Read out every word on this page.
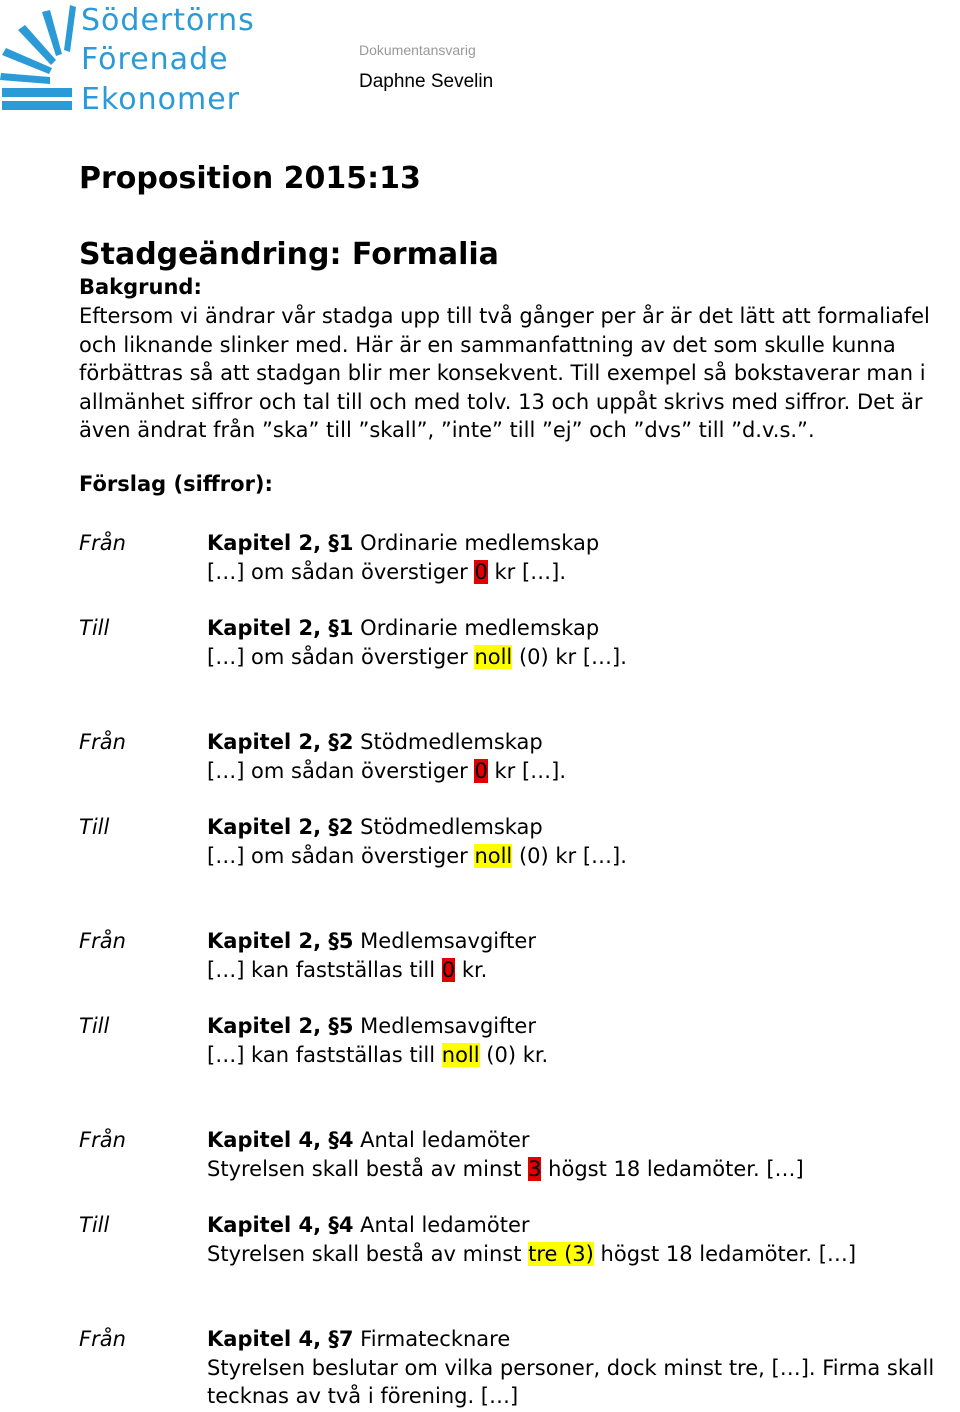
Södertörns
Förenade
Ekonomer
Dokumentansvarig
Daphne Sevelin
Proposition 2015:13
Stadgeändring: Formalia
Bakgrund:

Eftersom vi ändrar vår stadga upp till två gånger per år är det lätt att formaliafel och liknande slinker med. Här är en sammanfattning av det som skulle kunna förbättras så att stadgan blir mer konsekvent. Till exempel så bokstaverar man i allmänhet siffror och tal till och med tolv. 13 och uppåt skrivs med siffror. Det är även ändrat från ”ska” till ”skall”, ”inte” till ”ej” och ”dvs” till ”d.v.s.”.

Förslag (siffror):
Från	Kapitel 2, §1 Ordinarie medlemskap
[…] om sådan överstiger 0 kr […].
Till	Kapitel 2, §1 Ordinarie medlemskap
[…] om sådan överstiger noll (0) kr […].
Från	Kapitel 2, §2 Stödmedlemskap
[…] om sådan överstiger 0 kr […].
Till	Kapitel 2, §2 Stödmedlemskap
[…] om sådan överstiger noll (0) kr […].
Från	Kapitel 2, §5 Medlemsavgifter
[…] kan fastställas till 0 kr.
Till	Kapitel 2, §5 Medlemsavgifter
[…] kan fastställas till noll (0) kr.
Från	Kapitel 4, §4 Antal ledamöter
Styrelsen skall bestå av minst 3 högst 18 ledamöter. […]
Till	Kapitel 4, §4 Antal ledamöter
Styrelsen skall bestå av minst tre (3) högst 18 ledamöter. […]
Från	Kapitel 4, §7 Firmatecknare
Styrelsen beslutar om vilka personer, dock minst tre, […]. Firma skall tecknas av två i förening. […]
